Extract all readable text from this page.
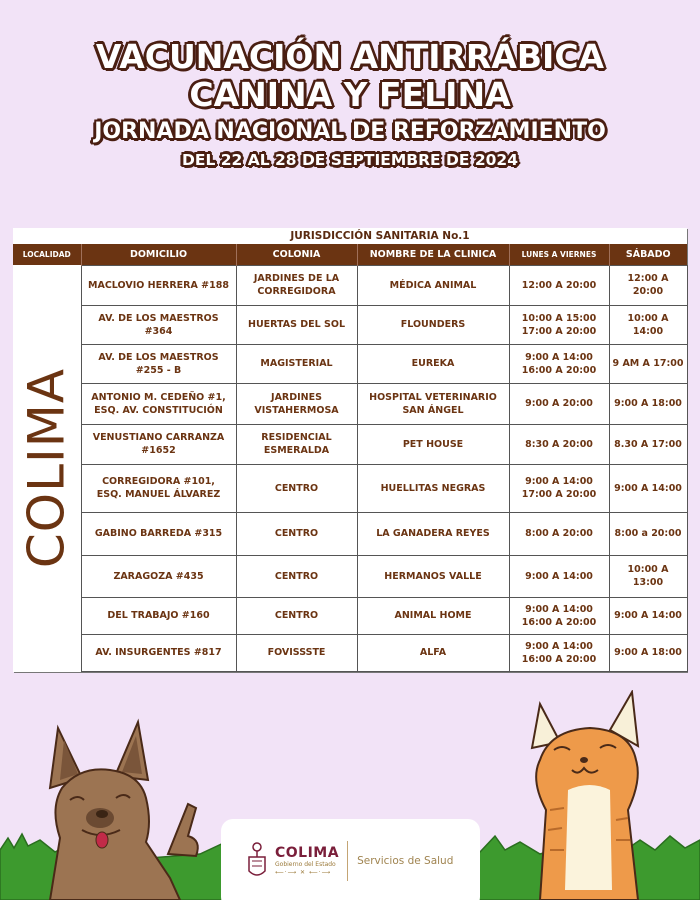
VACUNACIÓN ANTIRRÁBICA
CANINA Y FELINA
JORNADA NACIONAL DE REFORZAMIENTO
DEL 22 AL 28 DE SEPTIEMBRE DE 2024
JURISDICCIÓN SANITARIA No.1
LOCALIDAD	DOMICILIO	COLONIA	NOMBRE DE LA CLINICA	LUNES A VIERNES	SÁBADO

COLIMA	MACLOVIO HERRERA #188	JARDINES DE LA
CORREGIDORA	MÉDICA ANIMAL	12:00 A 20:00	12:00 A 20:00

	AV. DE LOS MAESTROS #364	HUERTAS DEL SOL	FLOUNDERS	10:00 A 15:00
17:00 A 20:00	10:00 A 14:00

	AV. DE LOS MAESTROS
#255 - B	MAGISTERIAL	EUREKA	9:00 A 14:00
16:00 A 20:00	9 AM A 17:00

	ANTONIO M. CEDEÑO #1,
ESQ. AV. CONSTITUCIÓN	JARDINES
VISTAHERMOSA	HOSPITAL VETERINARIO
SAN ÁNGEL	9:00 A 20:00	9:00 A 18:00

	VENUSTIANO CARRANZA
#1652	RESIDENCIAL
ESMERALDA	PET HOUSE	8:30 A 20:00	8.30 A 17:00

	CORREGIDORA #101,
ESQ. MANUEL ÁLVAREZ	CENTRO	HUELLITAS NEGRAS	9:00 A 14:00
17:00 A 20:00	9:00 A 14:00

	GABINO BARREDA #315	CENTRO	LA GANADERA REYES	8:00 A 20:00	8:00 a 20:00

	ZARAGOZA #435	CENTRO	HERMANOS VALLE	9:00 A 14:00	10:00 A 13:00

	DEL TRABAJO #160	CENTRO	ANIMAL HOME	9:00 A 14:00
16:00 A 20:00	9:00 A 14:00

	AV. INSURGENTES #817	FOVISSSTE	ALFA	9:00 A 14:00
16:00 A 20:00	9:00 A 18:00
COLIMA
Gobierno del Estado
⟵·⟶ ✕ ⟵·⟶
Servicios de Salud
